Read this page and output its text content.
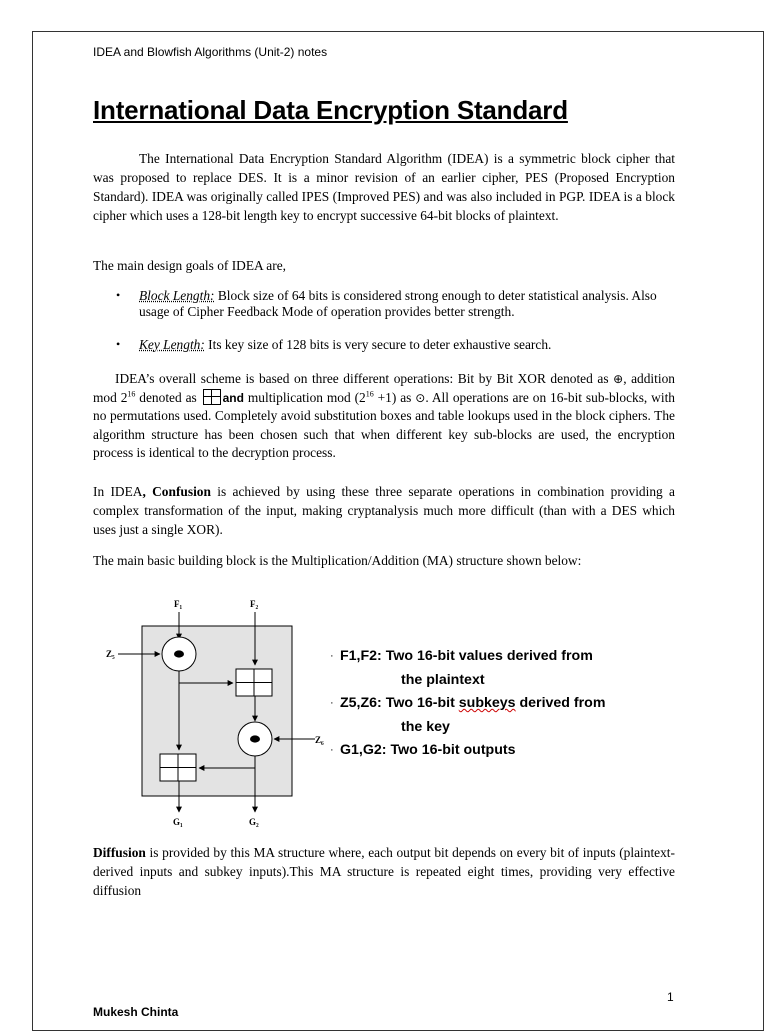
IDEA and Blowfish Algorithms (Unit-2) notes
International Data Encryption Standard

The International Data Encryption Standard Algorithm (IDEA) is a symmetric block cipher that was proposed to replace DES. It is a minor revision of an earlier cipher, PES (Proposed Encryption Standard). IDEA was originally called IPES (Improved PES) and was also included in PGP. IDEA is a block cipher which uses a 128-bit length key to encrypt successive 64-bit blocks of plaintext.

The main design goals of IDEA are,

• Block Length: Block size of 64 bits is considered strong enough to deter statistical analysis. Also usage of Cipher Feedback Mode of operation provides better strength.

• Key Length: Its key size of 128 bits is very secure to deter exhaustive search.

IDEA’s overall scheme is based on three different operations: Bit by Bit XOR denoted as ⊕, addition mod $2^{16}$ denoted as and multiplication mod $(2^{16} +1)$ as ⊙. All operations are on 16-bit sub-blocks, with no permutations used. Completely avoid substitution boxes and table lookups used in the block ciphers. The algorithm structure has been chosen such that when different key sub-blocks are used, the encryption process is identical to the decryption process.

In IDEA, Confusion is achieved by using these three separate operations in combination providing a complex transformation of the input, making cryptanalysis much more difficult (than with a DES which uses just a single XOR).

The main basic building block is the Multiplication/Addition (MA) structure shown below:

F₁	F₂
Z₅
Z₆
G₁	G₂
· F1,F2: Two 16-bit values derived from
the plaintext
· Z5,Z6: Two 16-bit subkeys derived from
the key
· G1,G2: Two 16-bit outputs

Diffusion is provided by this MA structure where, each output bit depends on every bit of inputs (plaintext-derived inputs and subkey inputs).This MA structure is repeated eight times, providing very effective diffusion

1
Mukesh Chinta
